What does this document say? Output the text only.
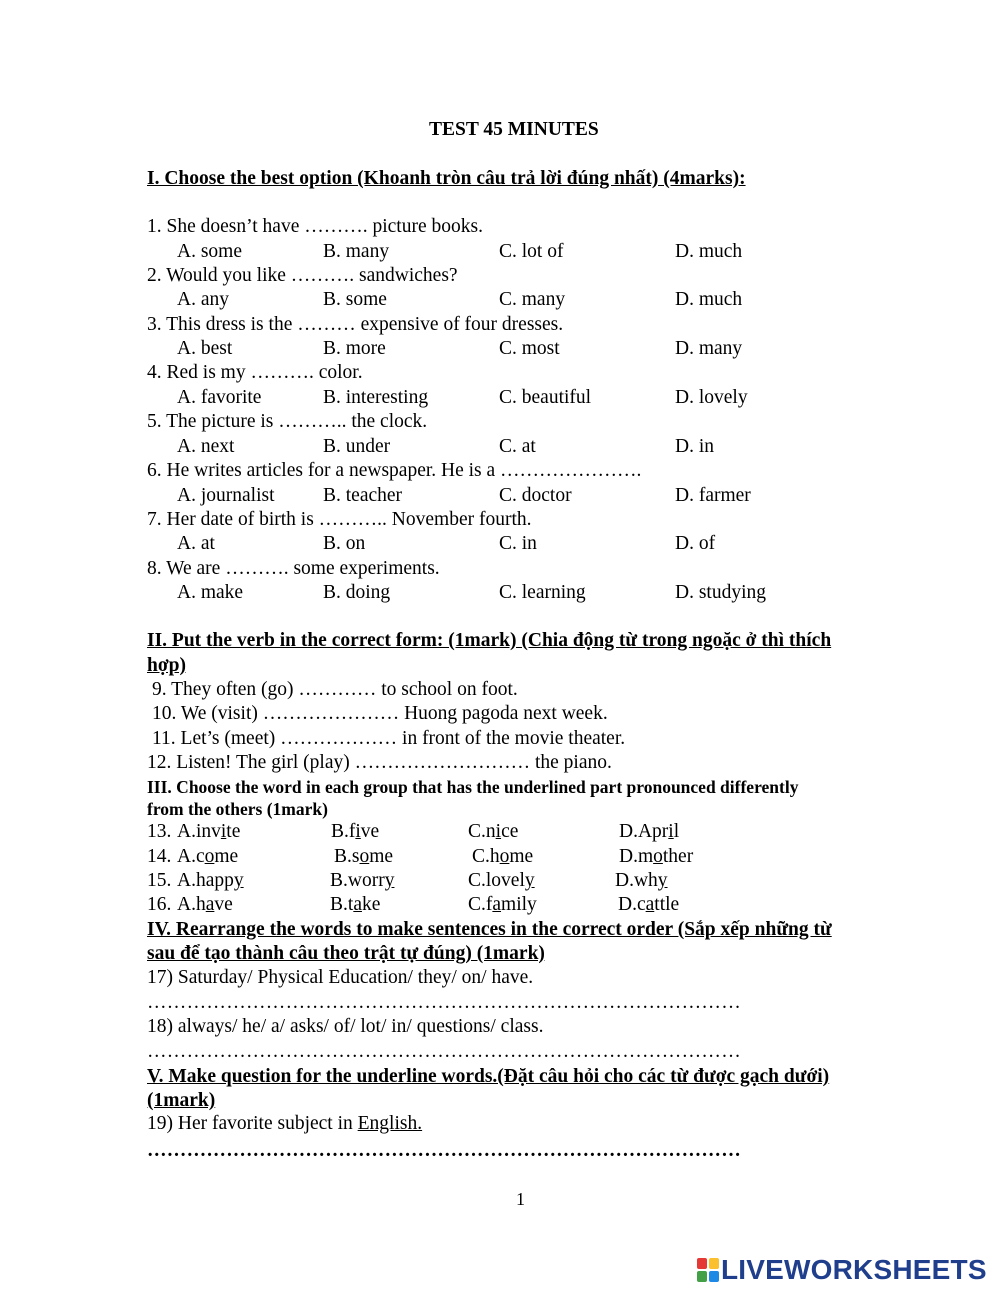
TEST 45 MINUTES
I. Choose the best option (Khoanh tròn câu trả lời đúng nhất) (4marks):
1. She doesn’t have ………. picture books.
A. some	B. many	C. lot of	D. much
2. Would you like ………. sandwiches?
A. any	B. some	C. many	D. much
3. This dress is the ……… expensive of four dresses.
A. best	B. more	C. most	D. many
4. Red is my ………. color.
A. favorite	B. interesting	C. beautiful	D. lovely
5. The picture is ……….. the clock.
A. next	B. under	C. at	D. in
6. He writes articles for a newspaper. He is a ………………….
A. journalist B. teacher	C. doctor	D. farmer
7. Her date of birth is ……….. November fourth.
A. at	B. on	C. in	D. of
8. We are ………. some experiments.
A. make	B. doing	C. learning	D. studying
II. Put the verb in the correct form: (1mark) (Chia động từ trong ngoặc ở thì thích
hợp)
9. They often (go) ………… to school on foot.
10. We (visit) ………………… Huong pagoda next week.
11. Let’s (meet) ……………… in front of the movie theater.
12. Listen! The girl (play) ……………………… the piano.
III. Choose the word in each group that has the underlined part pronounced differently
from the others (1mark)
13. A.invite	B.five	C.nice	D.April
14. A.come	B.some	C.home	D.mother
15. A.happy	B.worry	C.lovely	D.why
16. A.have	B.take	C.family	D.cattle
IV. Rearrange the words to make sentences in the correct order (Sắp xếp những từ
sau để tạo thành câu theo trật tự đúng) (1mark)
17) Saturday/ Physical Education/ they/ on/ have.
………………………………………………………………………………
18) always/ he/ a/ asks/ of/ lot/ in/ questions/ class.
………………………………………………………………………………
V. Make question for the underline words.(Đặt câu hỏi cho các từ được gạch dưới)
(1mark)
19) Her favorite subject in English.
………………………………………………………………………………
1
LIVEWORKSHEETS
